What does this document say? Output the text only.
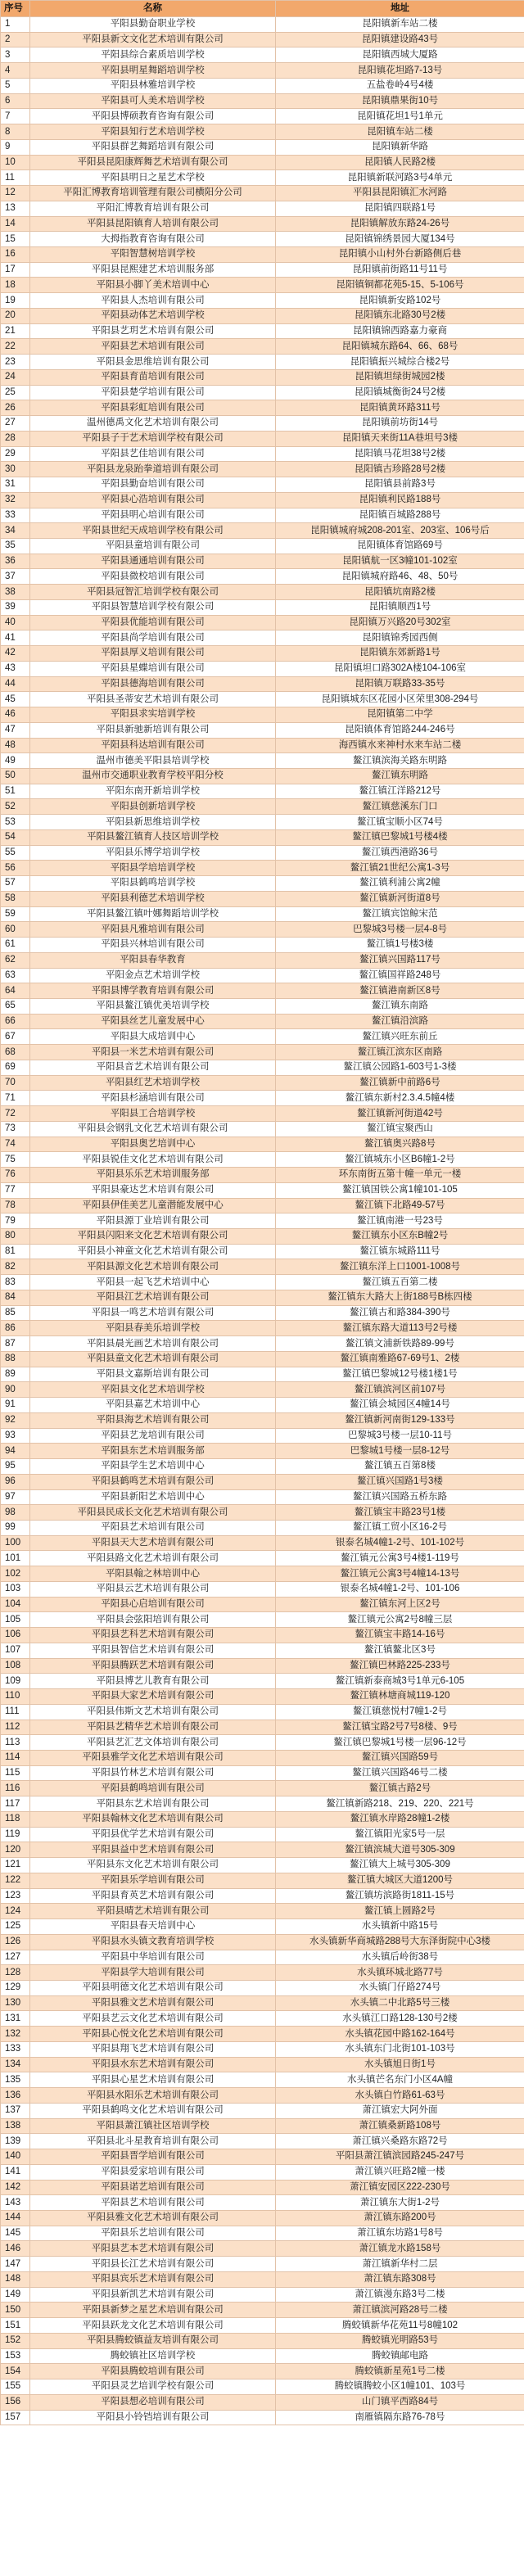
序号	名称	地址
1	平阳县勤奋职业学校	昆阳镇新车站二楼
2	平阳县新文文化艺术培训有限公司	昆阳镇建设路43号
3	平阳县综合素质培训学校	昆阳镇西城大厦路
4	平阳县明星舞蹈培训学校	昆阳镇花坦路7-13号
5	平阳县林雅培训学校	五盐卷岭4号4楼
6	平阳县可人美术培训学校	昆阳镇鼎果街10号
7	平阳县博硕教育咨询有限公司	昆阳镇花坦1号1单元
8	平阳县知行艺术培训学校	昆阳镇车站二楼
9	平阳县群艺舞蹈培训有限公司	昆阳镇新华路
10	平阳县昆阳康辉舞艺术培训有限公司	昆阳镇人民路2楼
11	平阳县明日之星艺术学校	昆阳镇新联河路3号4单元
12	平阳汇博教育培训管理有限公司横阳分公司	平阳县昆阳镇汇水河路
13	平阳汇博教育培训有限公司	昆阳镇四联路1号
14	平阳县昆阳镇育人培训有限公司	昆阳镇解放东路24-26号
15	大拇指教育咨询有限公司	昆阳镇锦绣景园大厦134号
16	平阳智慧树培训学校	昆阳镇小山村外台新路侧后巷
17	平阳县昆熙建艺术培训服务部	昆阳镇前街路11号11号
18	平阳县小脚丫美术培训中心	昆阳镇铜都花苑5-15、5-106号
19	平阳县人杰培训有限公司	昆阳镇新安路102号
20	平阳县动体艺术培训学校	昆阳镇东北路30号2楼
21	平阳县艺玥艺术培训有限公司	昆阳镇锦西路嘉力豪商
22	平阳县艺术培训有限公司	昆阳镇城东路64、66、68号
23	平阳县金思维培训有限公司	昆阳镇振兴城综合楼2号
24	平阳县育苗培训有限公司	昆阳镇坦绿街城园2楼
25	平阳县楚学培训有限公司	昆阳镇城衡街24号2楼
26	平阳县彩虹培训有限公司	昆阳镇黄环路311号
27	温州德禹文化艺术培训有限公司	昆阳镇前坊街14号
28	平阳县子于艺术培训学校有限公司	昆阳镇天来街11A巷坦号3楼
29	平阳县艺佳培训有限公司	昆阳镇马花坦38号2楼
30	平阳县龙泉跆拳道培训有限公司	昆阳镇古珍路28号2楼
31	平阳县勤奋培训有限公司	昆阳镇县前路3号
32	平阳县心浩培训有限公司	昆阳镇利民路188号
33	平阳县明心培训有限公司	昆阳镇百城路288号
34	平阳县世纪天成培训学校有限公司	昆阳镇城府城208-201室、203室、106号后
35	平阳县童培训有限公司	昆阳镇体育馆路69号
36	平阳县通通培训有限公司	昆阳镇航一区3幢101-102室
37	平阳县微校培训有限公司	昆阳镇城府路46、48、50号
38	平阳县冠智汇培训学校有限公司	昆阳镇坑南路2楼
39	平阳县智慧培训学校有限公司	昆阳镇顺西1号
40	平阳县优能培训有限公司	昆阳镇万兴路20号302室
41	平阳县尚学培训有限公司	昆阳镇锦秀园西侧
42	平阳县厚义培训有限公司	昆阳镇东郊新路1号
43	平阳县星蝶培训有限公司	昆阳镇坦口路302A楼104-106室
44	平阳县德海培训有限公司	昆阳镇万联路33-35号
45	平阳县圣蒂安艺术培训有限公司	昆阳镇城东区花园小区荣里308-294号
46	平阳县求实培训学校	昆阳镇第二中学
47	平阳县新驰新培训有限公司	昆阳镇体育馆路244-246号
48	平阳县科达培训有限公司	海西镇水来神村水来车站二楼
49	温州市德美平阳县培训学校	鳌江镇滨海关路东明路
50	温州市交通职业教育学校平阳分校	鳌江镇东明路
51	平阳东南开新培训学校	鳌江镇江洋路212号
52	平阳县创新培训学校	鳌江镇慈溪东门口
53	平阳县新思维培训学校	鳌江镇宝顺小区74号
54	平阳县鳌江镇育人技区培训学校	鳌江镇巴黎城1号楼4楼
55	平阳县乐博学培训学校	鳌江镇西港路36号
56	平阳县学培培训学校	鳌江镇21世纪公寓1-3号
57	平阳县鹤鸣培训学校	鳌江镇利浦公寓2幢
58	平阳县利德艺术培训学校	鳌江镇新河街道8号
59	平阳县鳌江镇叶娜舞蹈培训学校	鳌江镇宾馆鲸宋范
60	平阳县凡雅培训有限公司	巴黎城3号楼一层4-8号
61	平阳县兴林培训有限公司	鳌江镇1号楼3楼
62	平阳县春华教育	鳌江镇兴国路117号
63	平阳金点艺术培训学校	鳌江镇国祥路248号
64	平阳县博学教育培训有限公司	鳌江镇港南新区8号
65	平阳县鳌江镇优美培训学校	鳌江镇东南路
66	平阳县丝艺儿童发展中心	鳌江镇沿滨路
67	平阳县大成培训中心	鳌江镇兴旺东前丘
68	平阳县一米艺术培训有限公司	鳌江镇江滨东区南路
69	平阳县音艺术培训有限公司	鳌江镇公园路1-603号1-3楼
70	平阳县红艺术培训学校	鳌江镇新中前路6号
71	平阳县杉涵培训有限公司	鳌江镇东新村2.3.4.5幢4楼
72	平阳县工合培训学校	鳌江镇新河街道42号
73	平阳县会钢乳文化艺术培训有限公司	鳌江镇宝聚西山
74	平阳县奥艺培训中心	鳌江镇奥兴路8号
75	平阳县锐佳文化艺术培训有限公司	鳌江镇城东小区B6幢1-2号
76	平阳县乐乐艺术培训服务部	环东南街五第十幢一单元一楼
77	平阳县豪达艺术培训有限公司	鳌江镇国铁公寓1幢101-105
78	平阳县伊佳美艺儿童潜能发展中心	鳌江镇下北路49-57号
79	平阳县源丁业培训有限公司	鳌江镇南港一号23号
80	平阳县闪阳来文化艺术培训有限公司	鳌江镇东小区东B幢2号
81	平阳县小神童文化艺术培训有限公司	鳌江镇东城路111号
82	平阳县源文化艺术培训有限公司	鳌江镇东洋上口1001-1008号
83	平阳县一起飞艺术培训中心	鳌江镇五百第二楼
84	平阳县江艺术培训有限公司	鳌江镇东大路大上街188号B栋四楼
85	平阳县一鸣艺术培训有限公司	鳌江镇古和路384-390号
86	平阳县春美乐培训学校	鳌江镇东路大道113号2号楼
87	平阳县晨光画艺术培训有限公司	鳌江镇文浦新铁路89-99号
88	平阳县童文化艺术培训有限公司	鳌江镇南雅路67-69号1、2楼
89	平阳县文嘉斯培训有限公司	鳌江镇巴黎城12号楼1楼1号
90	平阳县文化艺术培训学校	鳌江镇滨河区前107号
91	平阳县嘉艺术培训中心	鳌江镇会城园区4幢14号
92	平阳县海艺术培训有限公司	鳌江镇新河南街129-133号
93	平阳县艺龙培训有限公司	巴黎城3号楼一层10-11号
94	平阳县东艺术培训服务部	巴黎城1号楼一层8-12号
95	平阳县学生艺术培训中心	鳌江镇五百第8楼
96	平阳县鹤鸣艺术培训有限公司	鳌江镇兴国路1号3楼
97	平阳县新阳艺术培训中心	鳌江镇兴国路五桥东路
98	平阳县民成长文化艺术培训有限公司	鳌江镇宝丰路23号1楼
99	平阳县艺术培训有限公司	鳌江镇工贸小区16-2号
100	平阳县天大艺术培训有限公司	银泰名城4幢1-2号、101-102号
101	平阳县路文化艺术培训有限公司	鳌江镇元公寓3号4楼1-119号
102	平阳县翰之林培训中心	鳌江镇元公寓3号4幢14-13号
103	平阳县云艺术培训有限公司	银泰名城4幢1-2号、101-106
104	平阳县心启培训有限公司	鳌江镇东河上区2号
105	平阳县会弦阳培训有限公司	鳌江镇元公寓2号8幢三层
106	平阳县艺科艺术培训有限公司	鳌江镇宝丰路14-16号
107	平阳县智信艺术培训有限公司	鳌江镇鳌北区3号
108	平阳县腾跃艺术培训有限公司	鳌江镇巴林路225-233号
109	平阳县博艺儿教育有限公司	鳌江镇新泰商城3号1单元6-105
110	平阳县大家艺术培训有限公司	鳌江镇林塘商城119-120
111	平阳县伟斯文艺术培训有限公司	鳌江镇慈悦村7幢1-2号
112	平阳县艺精华艺术培训有限公司	鳌江镇宝路2号7号8楼、9号
113	平阳县艺汇艺文体培训有限公司	鳌江镇巴黎城1号楼一层96-12号
114	平阳县雅学文化艺术培训有限公司	鳌江镇兴国路59号
115	平阳县竹林艺术培训有限公司	鳌江镇兴国路46号二楼
116	平阳县鹤鸣培训有限公司	鳌江镇古路2号
117	平阳县东艺术培训有限公司	鳌江镇新路218、219、220、221号
118	平阳县翰林文化艺术培训有限公司	鳌江镇水岸路28幢1-2楼
119	平阳县优学艺术培训有限公司	鳌江镇阳光家5号一层
120	平阳县益中艺术培训有限公司	鳌江镇滨城大道号305-309
121	平阳县东文化艺术培训有限公司	鳌江镇大上城号305-309
122	平阳县乐学培训有限公司	鳌江镇大城区大道1200号
123	平阳县育英艺术培训有限公司	鳌江镇坊滨路街1811-15号
124	平阳县晴艺术培训有限公司	鳌江镇上圆路2号
125	平阳县春天培训中心	水头镇新中路15号
126	平阳县水头镇文教育培训学校	水头镇新华商城路288号大东泽街院中心3楼
127	平阳县中华培训有限公司	水头镇后岭街38号
128	平阳县学大培训有限公司	水头镇环城北路77号
129	平阳县明德文化艺术培训有限公司	水头镇门仔路274号
130	平阳县雅文艺术培训有限公司	水头镇二中北路5号三楼
131	平阳县艺云文化艺术培训有限公司	水头镇江口路128-130号2楼
132	平阳县心悦文化艺术培训有限公司	水头镇花园中路162-164号
133	平阳县翔飞艺术培训有限公司	水头镇东门北街101-103号
134	平阳县水东艺术培训有限公司	水头镇旭日街1号
135	平阳县心星艺术培训有限公司	水头镇芒名东门小区4A幢
136	平阳县水阳乐艺术培训有限公司	水头镇白竹路61-63号
137	平阳县鹤鸣文化艺术培训有限公司	萧江镇宏大阿外面
138	平阳县萧江镇社区培训学校	萧江镇桑新路108号
139	平阳县北斗星教育培训有限公司	萧江镇兴桑路东路72号
140	平阳县晋学培训有限公司	平阳县萧江镇滨园路245-247号
141	平阳县爱家培训有限公司	萧江镇兴旺路2幢一楼
142	平阳县诺艺培训有限公司	萧江镇安园区222-230号
143	平阳县艺术培训有限公司	萧江镇东大街1-2号
144	平阳县雅文化艺术培训有限公司	萧江镇东路200号
145	平阳县乐艺培训有限公司	萧江镇东坊路1号8号
146	平阳县艺本艺术培训有限公司	萧江镇龙水路158号
147	平阳县长江艺术培训有限公司	萧江镇新华村二层
148	平阳县宾乐艺术培训有限公司	萧江镇东路308号
149	平阳县新凯艺术培训有限公司	萧江镇漫东路3号二楼
150	平阳县新梦之星艺术培训有限公司	萧江镇滨河路28号二楼
151	平阳县跃龙文化艺术培训有限公司	腾蛟镇新华花苑11号8幢102
152	平阳县腾蛟镇益友培训有限公司	腾蛟镇光明路53号
153	腾蛟镇社区培训学校	腾蛟镇邮电路
154	平阳县腾蛟培训有限公司	腾蛟镇新星苑1号二楼
155	平阳县灵艺培训学校有限公司	腾蛟镇腾蛟小区1幢101、103号
156	平阳县想必培训有限公司	山门镇平西路84号
157	平阳县小铃铛培训有限公司	南雁镇隔东路76-78号
